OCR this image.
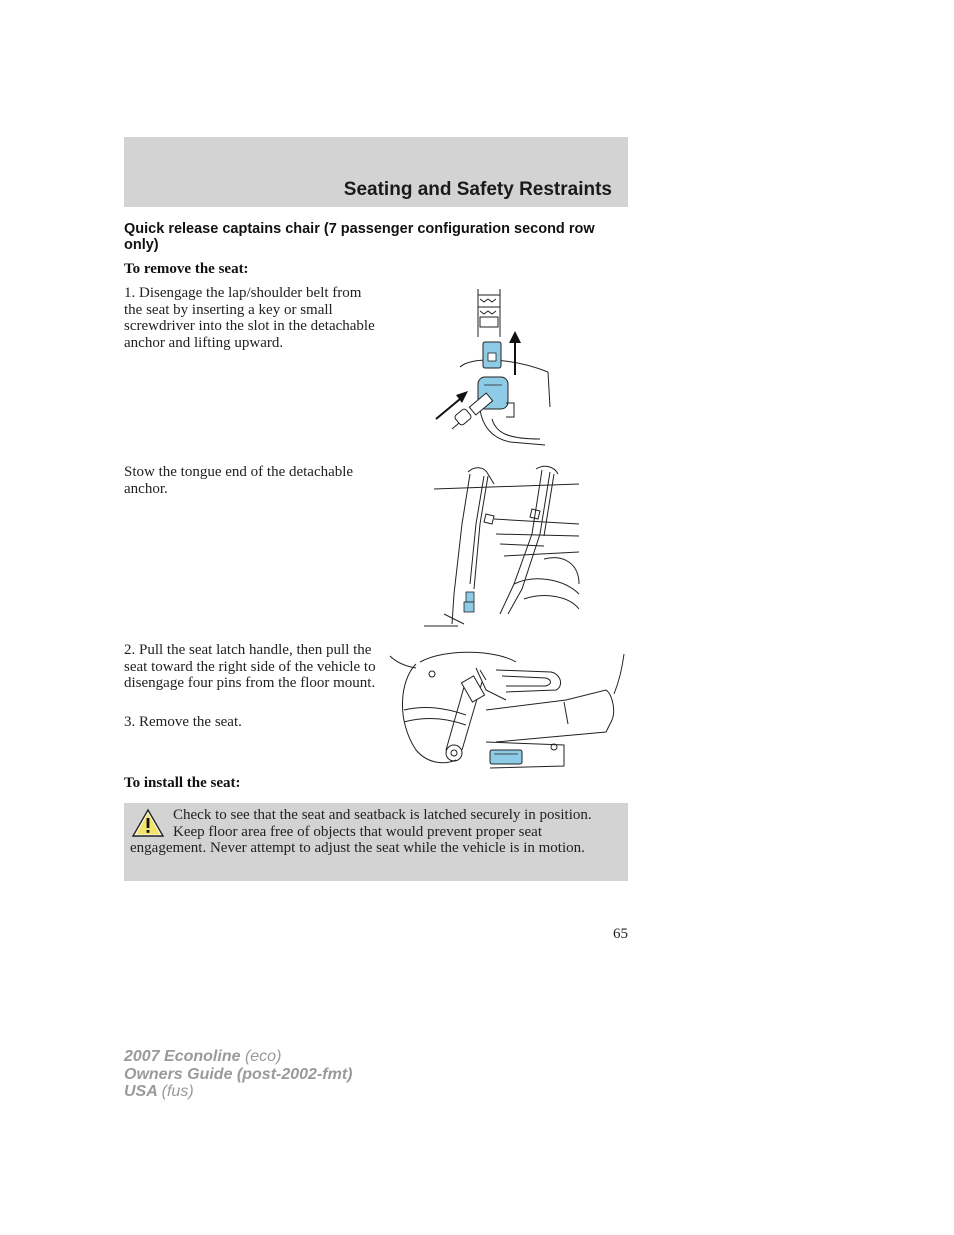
Seating and Safety Restraints
Quick release captains chair (7 passenger configuration second row only)
To remove the seat:
1. Disengage the lap/shoulder belt from the seat by inserting a key or small screwdriver into the slot in the detachable anchor and lifting upward.
Stow the tongue end of the detachable anchor.
2. Pull the seat latch handle, then pull the seat toward the right side of the vehicle to disengage four pins from the floor mount.
3. Remove the seat.
To install the seat:
Check to see that the seat and seatback is latched securely in position. Keep floor area free of objects that would prevent proper seat engagement. Never attempt to adjust the seat while the vehicle is in motion.
65
2007 Econoline (eco)
Owners Guide (post-2002-fmt)
USA (fus)
